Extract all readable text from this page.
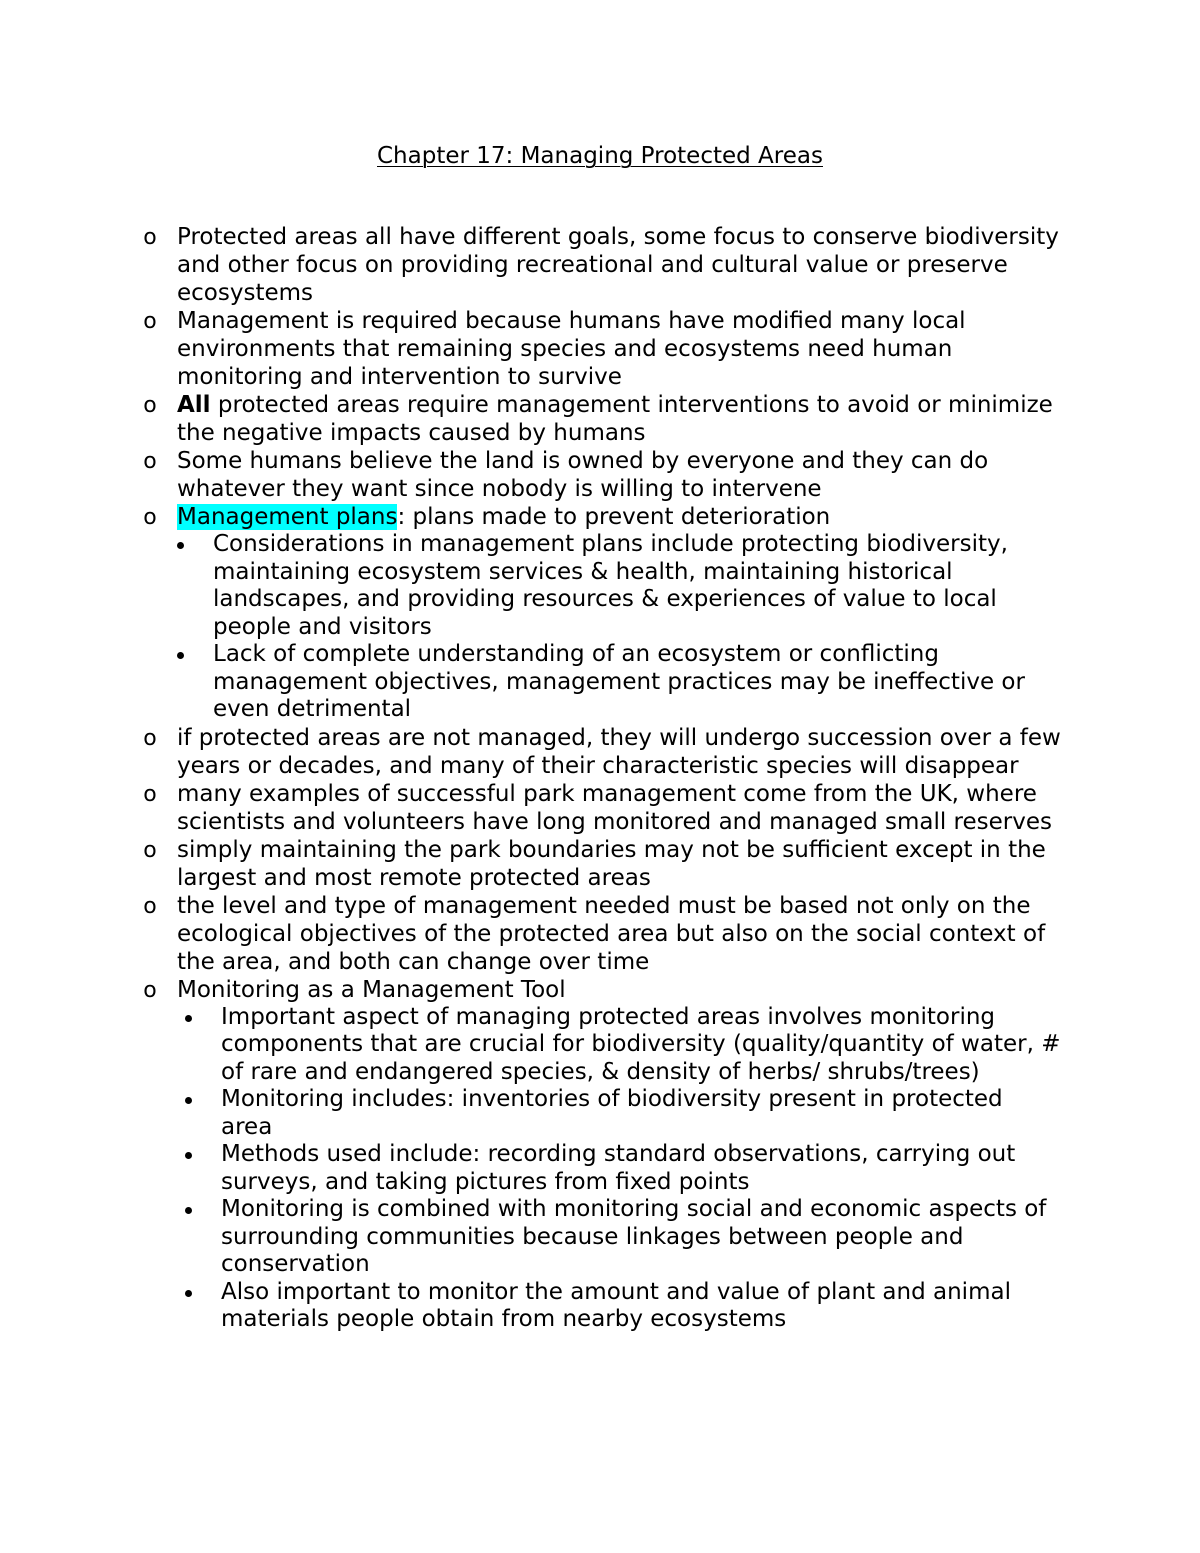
Chapter 17: Managing Protected Areas
o Protected areas all have different goals, some focus to conserve biodiversity and other focus on providing recreational and cultural value or preserve ecosystems
o Management is required because humans have modified many local environments that remaining species and ecosystems need human monitoring and intervention to survive
o All protected areas require management interventions to avoid or minimize the negative impacts caused by humans
o Some humans believe the land is owned by everyone and they can do whatever they want since nobody is willing to intervene
o Management plans: plans made to prevent deterioration
Considerations in management plans include protecting biodiversity, maintaining ecosystem services & health, maintaining historical landscapes, and providing resources & experiences of value to local people and visitors
Lack of complete understanding of an ecosystem or conflicting management objectives, management practices may be ineffective or even detrimental
o if protected areas are not managed, they will undergo succession over a few years or decades, and many of their characteristic species will disappear
o many examples of successful park management come from the UK, where scientists and volunteers have long monitored and managed small reserves
o simply maintaining the park boundaries may not be sufficient except in the largest and most remote protected areas
o the level and type of management needed must be based not only on the ecological objectives of the protected area but also on the social context of the area, and both can change over time
o Monitoring as a Management Tool
Important aspect of managing protected areas involves monitoring components that are crucial for biodiversity (quality/quantity of water, # of rare and endangered species, & density of herbs/ shrubs/trees)
Monitoring includes: inventories of biodiversity present in protected area
Methods used include: recording standard observations, carrying out surveys, and taking pictures from fixed points
Monitoring is combined with monitoring social and economic aspects of surrounding communities because linkages between people and conservation
Also important to monitor the amount and value of plant and animal materials people obtain from nearby ecosystems
